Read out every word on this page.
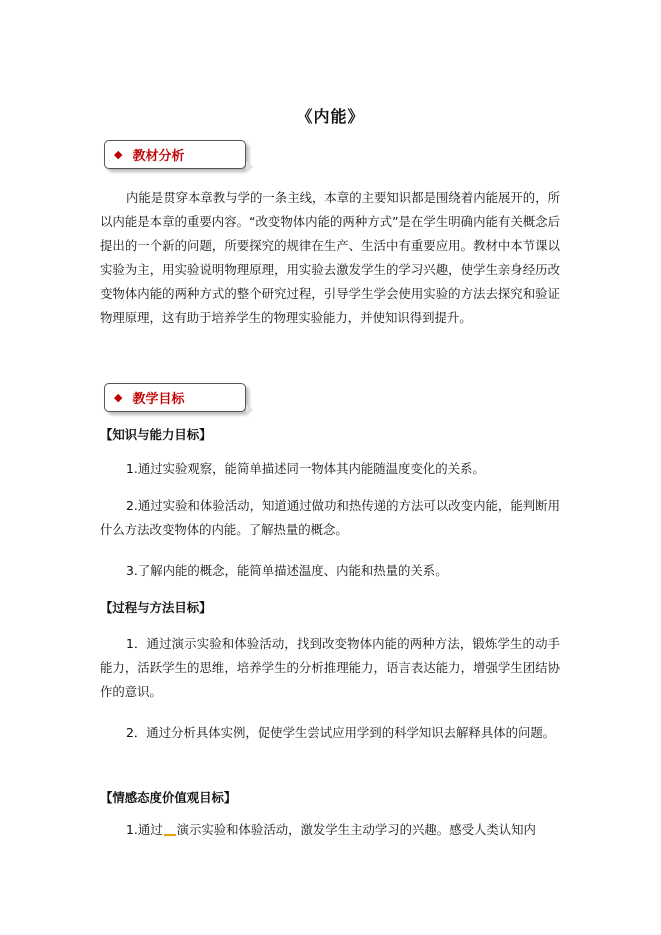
《内能》
◆ 教材分析
内能是贯穿本章教与学的一条主线，本章的主要知识都是围绕着内能展开的，所以内能是本章的重要内容。“改变物体内能的两种方式”是在学生明确内能有关概念后提出的一个新的问题，所要探究的规律在生产、生活中有重要应用。教材中本节课以实验为主，用实验说明物理原理，用实验去激发学生的学习兴趣，使学生亲身经历改变物体内能的两种方式的整个研究过程，引导学生学会使用实验的方法去探究和验证物理原理，这有助于培养学生的物理实验能力，并使知识得到提升。
◆ 教学目标
【知识与能力目标】
1.通过实验观察，能简单描述同一物体其内能随温度变化的关系。
2.通过实验和体验活动，知道通过做功和热传递的方法可以改变内能，能判断用什么方法改变物体的内能。了解热量的概念。
3.了解内能的概念，能简单描述温度、内能和热量的关系。
【过程与方法目标】
1．通过演示实验和体验活动，找到改变物体内能的两种方法，锻炼学生的动手能力，活跃学生的思维，培养学生的分析推理能力，语言表达能力，增强学生团结协作的意识。
2．通过分析具体实例，促使学生尝试应用学到的科学知识去解释具体的问题。
【情感态度价值观目标】
1.通过 演示实验和体验活动，激发学生主动学习的兴趣。感受人类认知内
